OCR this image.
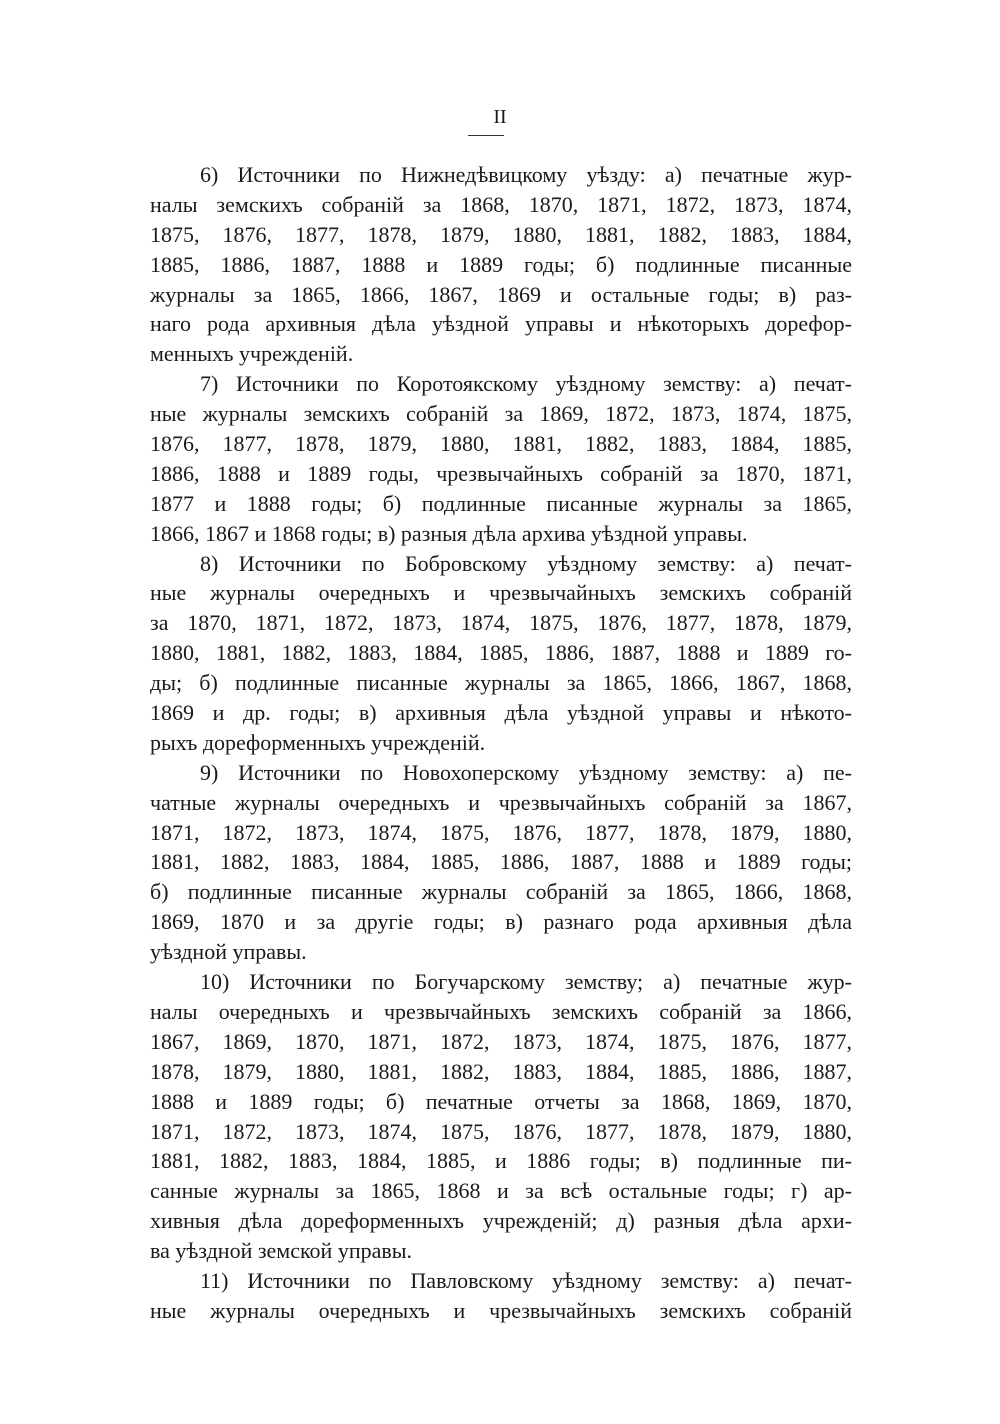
II
6) Источники по Нижнедѣвицкому уѣзду: а) печатные жур-
налы земскихъ собраній за 1868, 1870, 1871, 1872, 1873, 1874,
1875, 1876, 1877, 1878, 1879, 1880, 1881, 1882, 1883, 1884,
1885, 1886, 1887, 1888 и 1889 годы; б) подлинные писанные
журналы за 1865, 1866, 1867, 1869 и остальные годы; в) раз-
наго рода архивныя дѣла уѣздной управы и нѣкоторыхъ дорефор-
менныхъ учрежденій.
7) Источники по Коротоякскому уѣздному земству: а) печат-
ные журналы земскихъ собраній за 1869, 1872, 1873, 1874, 1875,
1876, 1877, 1878, 1879, 1880, 1881, 1882, 1883, 1884, 1885,
1886, 1888 и 1889 годы, чрезвычайныхъ собраній за 1870, 1871,
1877 и 1888 годы; б) подлинные писанные журналы за 1865,
1866, 1867 и 1868 годы; в) разныя дѣла архива уѣздной управы.
8) Источники по Бобровскому уѣздному земству: а) печат-
ные журналы очередныхъ и чрезвычайныхъ земскихъ собраній
за 1870, 1871, 1872, 1873, 1874, 1875, 1876, 1877, 1878, 1879,
1880, 1881, 1882, 1883, 1884, 1885, 1886, 1887, 1888 и 1889 го-
ды; б) подлинные писанные журналы за 1865, 1866, 1867, 1868,
1869 и др. годы; в) архивныя дѣла уѣздной управы и нѣкото-
рыхъ дореформенныхъ учрежденій.
9) Источники по Новохоперскому уѣздному земству: а) пе-
чатные журналы очередныхъ и чрезвычайныхъ собраній за 1867,
1871, 1872, 1873, 1874, 1875, 1876, 1877, 1878, 1879, 1880,
1881, 1882, 1883, 1884, 1885, 1886, 1887, 1888 и 1889 годы;
б) подлинные писанные журналы собраній за 1865, 1866, 1868,
1869, 1870 и за другіе годы; в) разнаго рода архивныя дѣла
уѣздной управы.
10) Источники по Богучарскому земству; а) печатные жур-
налы очередныхъ и чрезвычайныхъ земскихъ собраній за 1866,
1867, 1869, 1870, 1871, 1872, 1873, 1874, 1875, 1876, 1877,
1878, 1879, 1880, 1881, 1882, 1883, 1884, 1885, 1886, 1887,
1888 и 1889 годы; б) печатные отчеты за 1868, 1869, 1870,
1871, 1872, 1873, 1874, 1875, 1876, 1877, 1878, 1879, 1880,
1881, 1882, 1883, 1884, 1885, и 1886 годы; в) подлинные пи-
санные журналы за 1865, 1868 и за всѣ остальные годы; г) ар-
хивныя дѣла дореформенныхъ учрежденій; д) разныя дѣла архи-
ва уѣздной земской управы.
11) Источники по Павловскому уѣздному земству: а) печат-
ные журналы очередныхъ и чрезвычайныхъ земскихъ собраній
